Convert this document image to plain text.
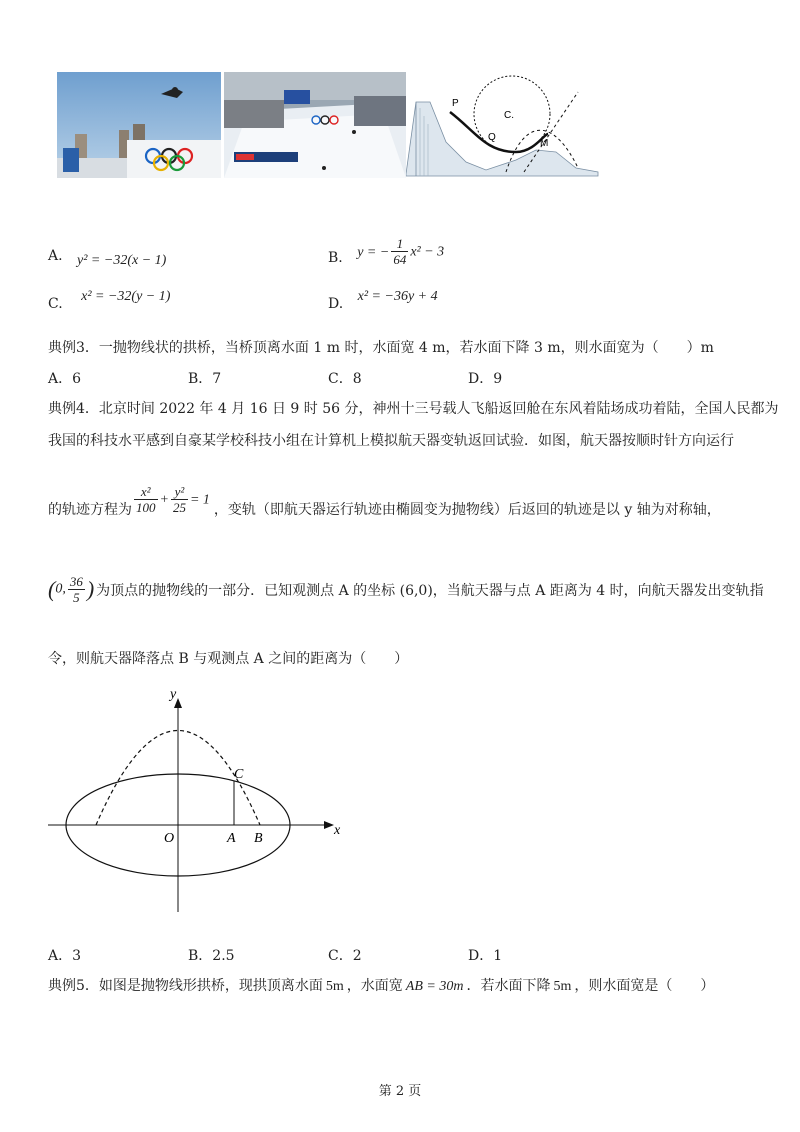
P
Q
C.
M
A. y² = −32(x − 1)	B. y = − $\frac{1}{64} x^2 - 3$
C. x² = −32(y − 1)	D. x² = −36y + 4
典例3．一抛物线状的拱桥，当桥顶离水面 1 m 时，水面宽 4 m，若水面下降 3 m，则水面宽为（　　）m
A．6	B．7	C．8	D．9
典例4．北京时间 2022 年 4 月 16 日 9 时 56 分，神州十三号载人飞船返回舱在东风着陆场成功着陆，全国人民都为
我国的科技水平感到自豪某学校科技小组在计算机上模拟航天器变轨返回试验．如图，航天器按顺时针方向运行
的轨迹方程为 $\frac{\text{x²}}{100} + \frac{\text{y²}}{25} = 1$，变轨（即航天器运行轨迹由椭圆变为抛物线）后返回的轨迹是以 y 轴为对称轴，
(0, $\frac{36}{5}$ ) 为顶点的抛物线的一部分．已知观测点 A 的坐标 (6,0)，当航天器与点 A 距离为 4 时，向航天器发出变轨指
令，则航天器降落点 B 与观测点 A 之间的距离为（　　）
y
x
O	A B
C
A．3	B．2.5	C．2	D．1
典例5．如图是抛物线形拱桥，现拱顶离水面 5m ，水面宽 AB = 30m ．若水面下降 5m ，则水面宽是（　　）
第 2 页
